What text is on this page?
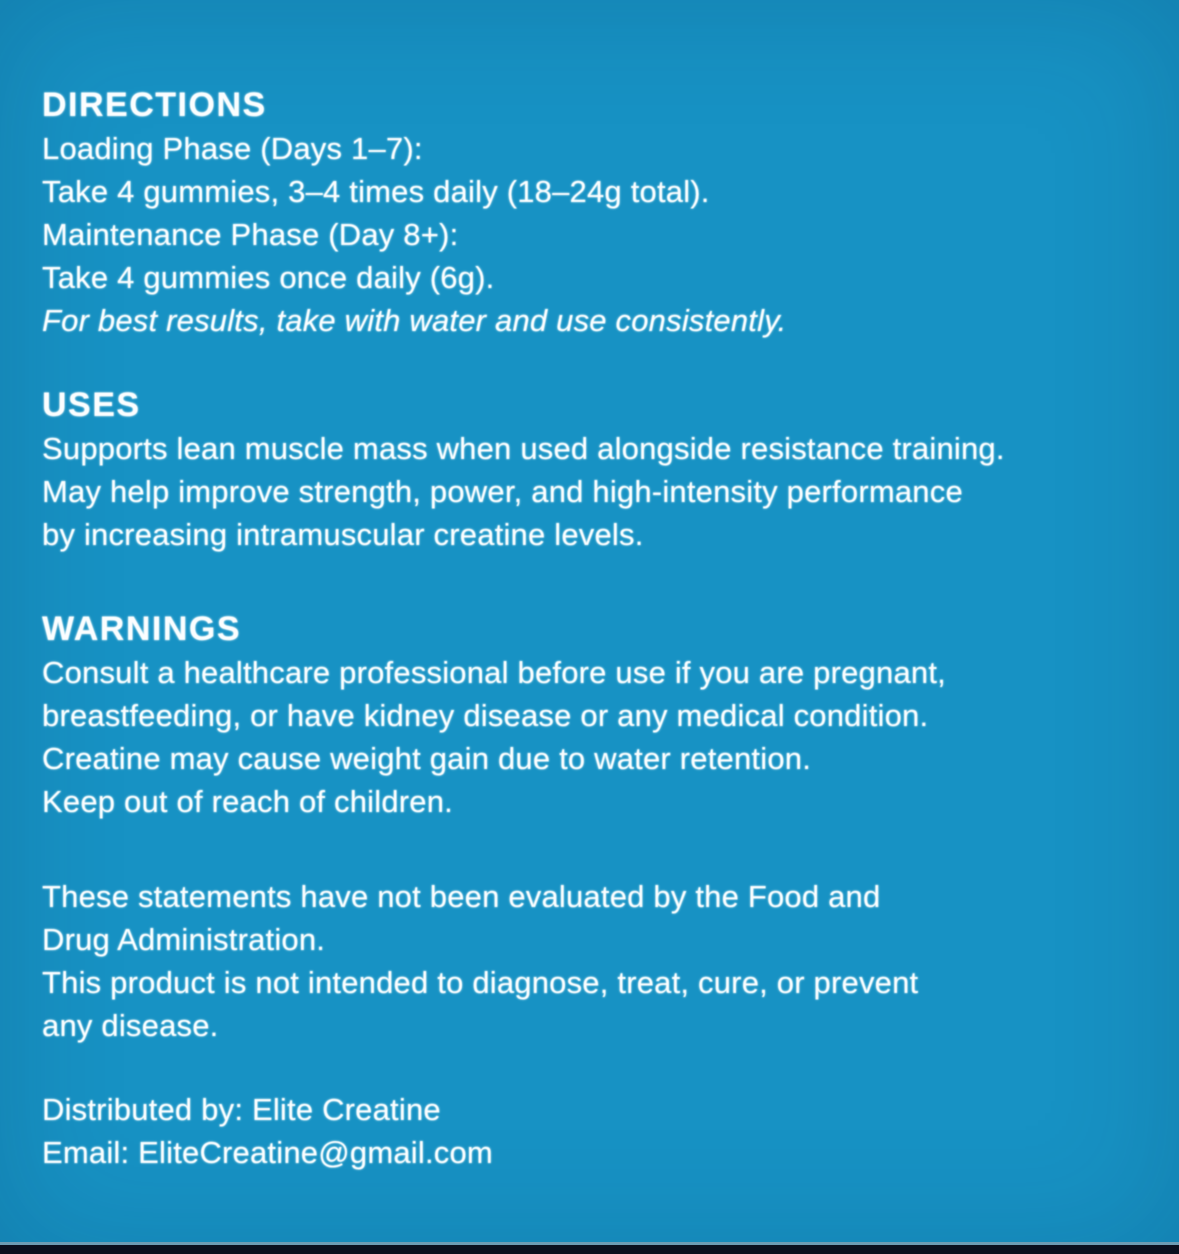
DIRECTIONS
Loading Phase (Days 1–7):
Take 4 gummies, 3–4 times daily (18–24g total).
Maintenance Phase (Day 8+):
Take 4 gummies once daily (6g).
For best results, take with water and use consistently.
USES
Supports lean muscle mass when used alongside resistance training.
May help improve strength, power, and high-intensity performance
by increasing intramuscular creatine levels.
WARNINGS
Consult a healthcare professional before use if you are pregnant,
breastfeeding, or have kidney disease or any medical condition.
Creatine may cause weight gain due to water retention.
Keep out of reach of children.
These statements have not been evaluated by the Food and
Drug Administration.
This product is not intended to diagnose, treat, cure, or prevent
any disease.
Distributed by: Elite Creatine
Email: EliteCreatine@gmail.com
